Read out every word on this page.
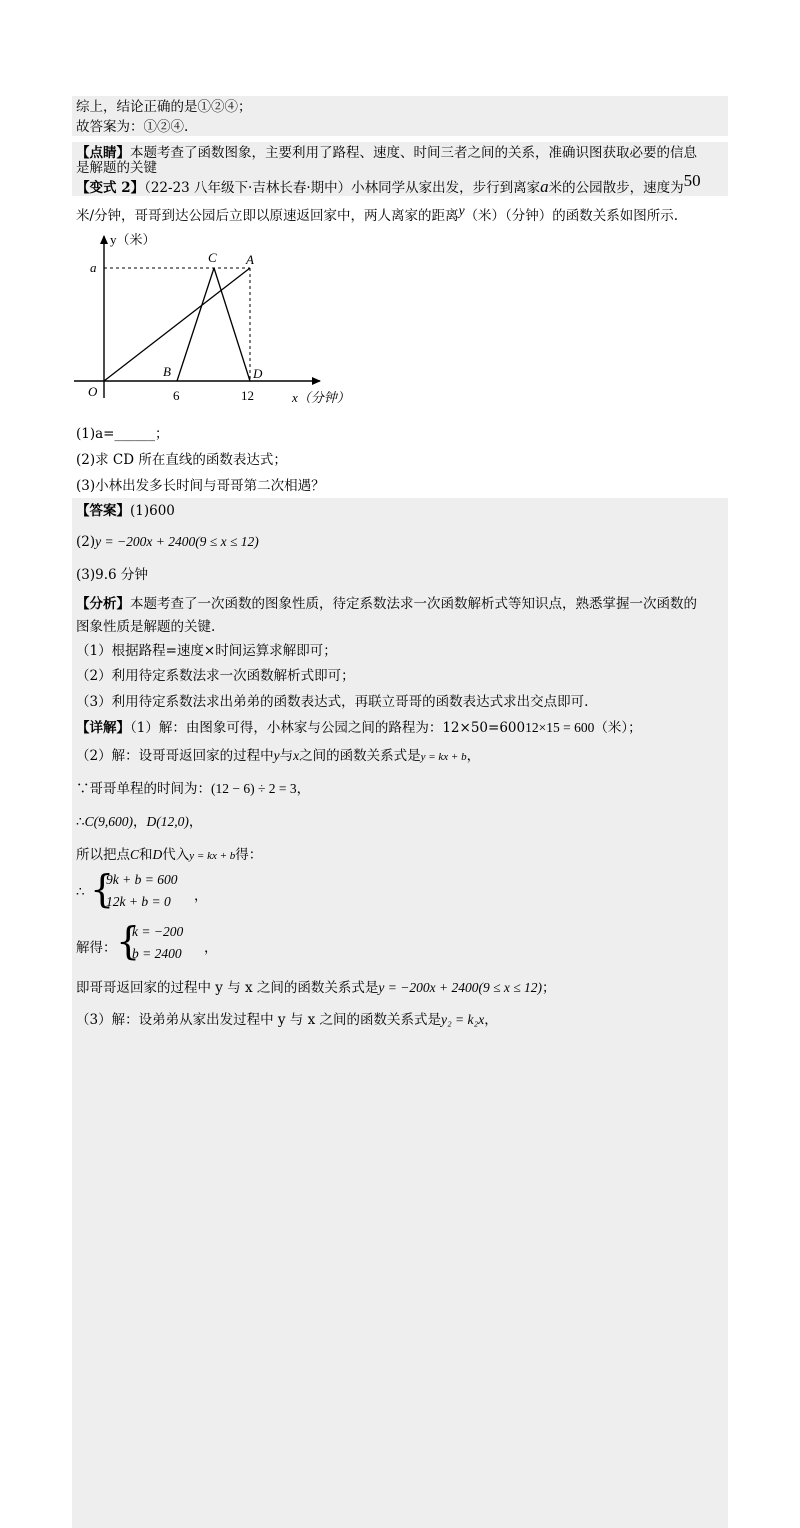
综上，结论正确的是①②④；
故答案为：①②④.
【点睛】本题考查了函数图象，主要利用了路程、速度、时间三者之间的关系，准确识图获取必要的信息
是解题的关键
【变式 2】（22-23 八年级下·吉林长春·期中）小林同学从家出发，步行到离家a米的公园散步，速度为50
米/分钟，哥哥到达公园后立即以原速返回家中，两人离家的距离y（米）（分钟）的函数关系如图所示.
y（米）
x（分钟）
O
a
6	12
A
B
C
D
(1)a=______；
(2)求 CD 所在直线的函数表达式；
(3)小林出发多长时间与哥哥第二次相遇？
【答案】(1)600
(2)y = −200x + 2400(9 ≤ x ≤ 12)
(3)9.6 分钟
【分析】本题考查了一次函数的图象性质，待定系数法求一次函数解析式等知识点，熟悉掌握一次函数的
图象性质是解题的关键.
（1）根据路程=速度×时间运算求解即可；
（2）利用待定系数法求一次函数解析式即可；
（3）利用待定系数法求出弟弟的函数表达式，再联立哥哥的函数表达式求出交点即可.
【详解】（1）解：由图象可得，小林家与公园之间的路程为：12×50=60012×15 = 600（米）；
（2）解：设哥哥返回家的过程中y与x之间的函数关系式是y = kx + b，
∵哥哥单程的时间为：(12 − 6) ÷ 2 = 3，
∴C(9,600)，D(12,0)，
所以把点C和D代入y = kx + b得：
∴ {
9k + b = 600
12k + b = 0 ，
解得： {
k = −200
b = 2400 ，
即哥哥返回家的过程中 y 与 x 之间的函数关系式是y = −200x + 2400(9 ≤ x ≤ 12)；
（3）解：设弟弟从家出发过程中 y 与 x 之间的函数关系式是y₂ = k₂x，
